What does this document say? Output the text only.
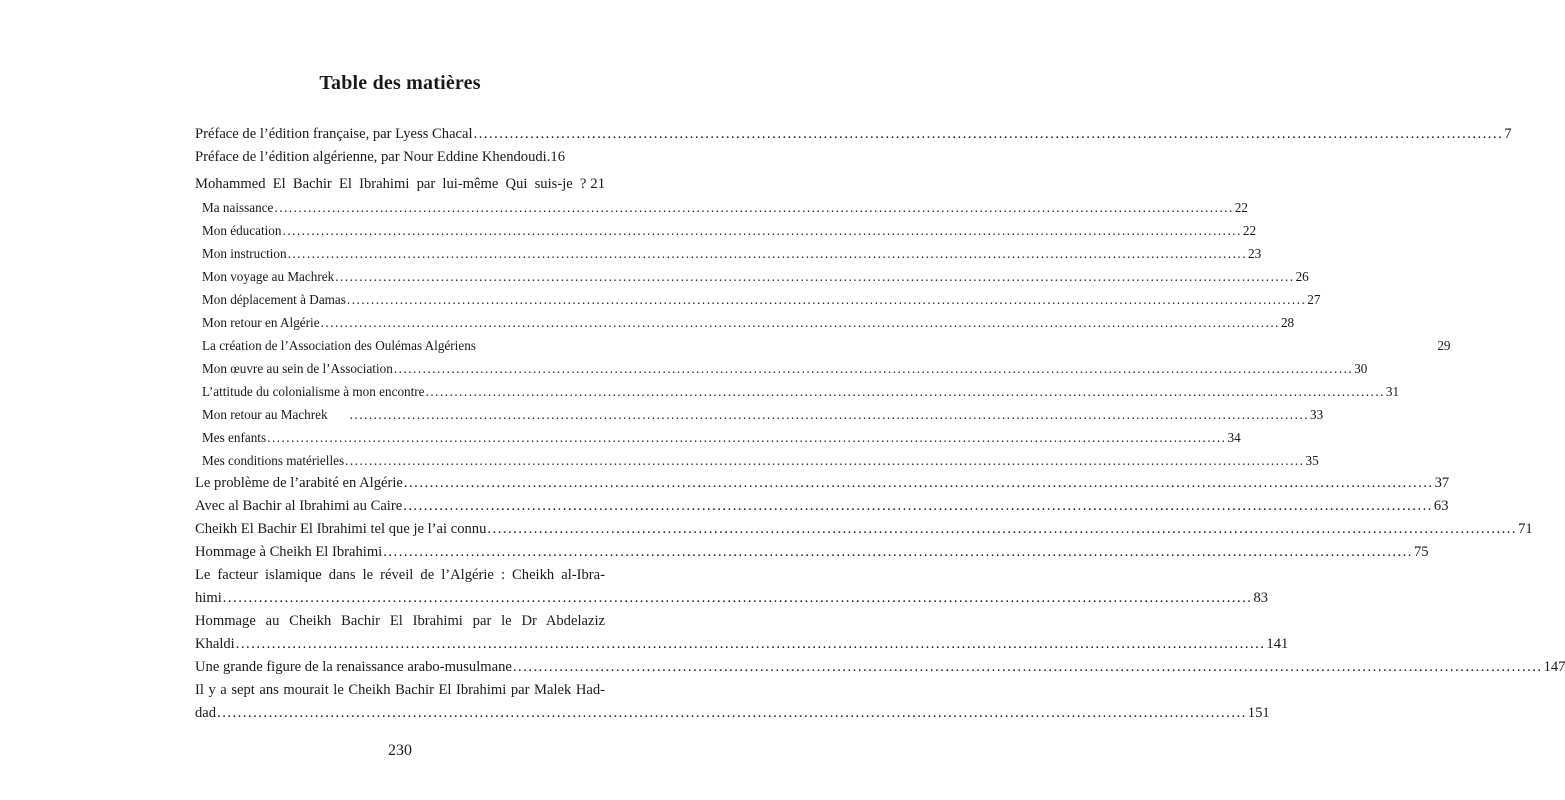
Table des matières
Préface de l’édition française, par Lyess Chacal .....	7
Préface de l’édition algérienne, par Nour Eddine Khendoudi. 16
Mohammed El Bachir El Ibrahimi par lui-même Qui suis-je ? 21
Ma naissance .....	22
Mon éducation .....	22
Mon instruction .....	23
Mon voyage au Machrek .....	26
Mon déplacement à Damas .....	27
Mon retour en Algérie .....	28
La création de l’Association des Oulémas Algériens	29
Mon œuvre au sein de l’Association .....	30
L’attitude du colonialisme à mon encontre .....	31
Mon retour au Machrek .....	33
Mes enfants .....	34
Mes conditions matérielles .....	35
Le problème de l’arabité en Algérie .....	37
Avec al Bachir al Ibrahimi au Caire .....	63
Cheikh El Bachir El Ibrahimi tel que je l’ai connu .....	71
Hommage à Cheikh El Ibrahimi .....	75
Le facteur islamique dans le réveil de l’Algérie : Cheikh al-Ibra-
himi .....	83
Hommage au Cheikh Bachir El Ibrahimi par le Dr Abdelaziz
Khaldi .....	141
Une grande figure de la renaissance arabo-musulmane .....	147
Il y a sept ans mourait le Cheikh Bachir El Ibrahimi par Malek Had-
dad .....	151
230
